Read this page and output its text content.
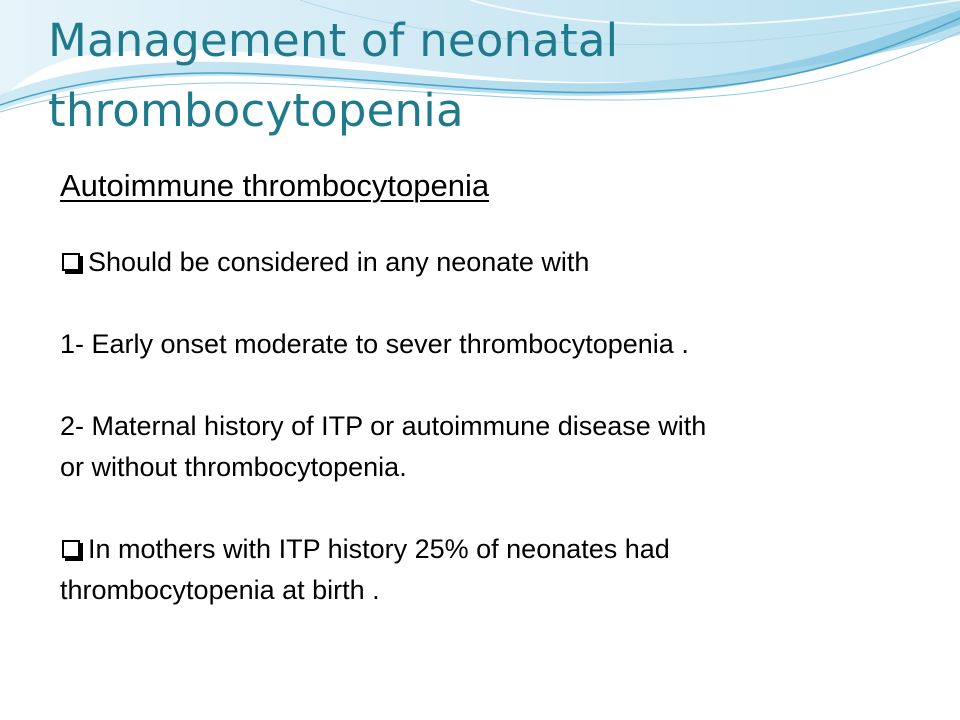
Management of neonatal
thrombocytopenia

Autoimmune thrombocytopenia

Should be considered in any neonate with

1- Early onset moderate to sever thrombocytopenia .

2- Maternal history of ITP or autoimmune disease with

or without thrombocytopenia.

In mothers with ITP history 25% of neonates had

thrombocytopenia at birth .
